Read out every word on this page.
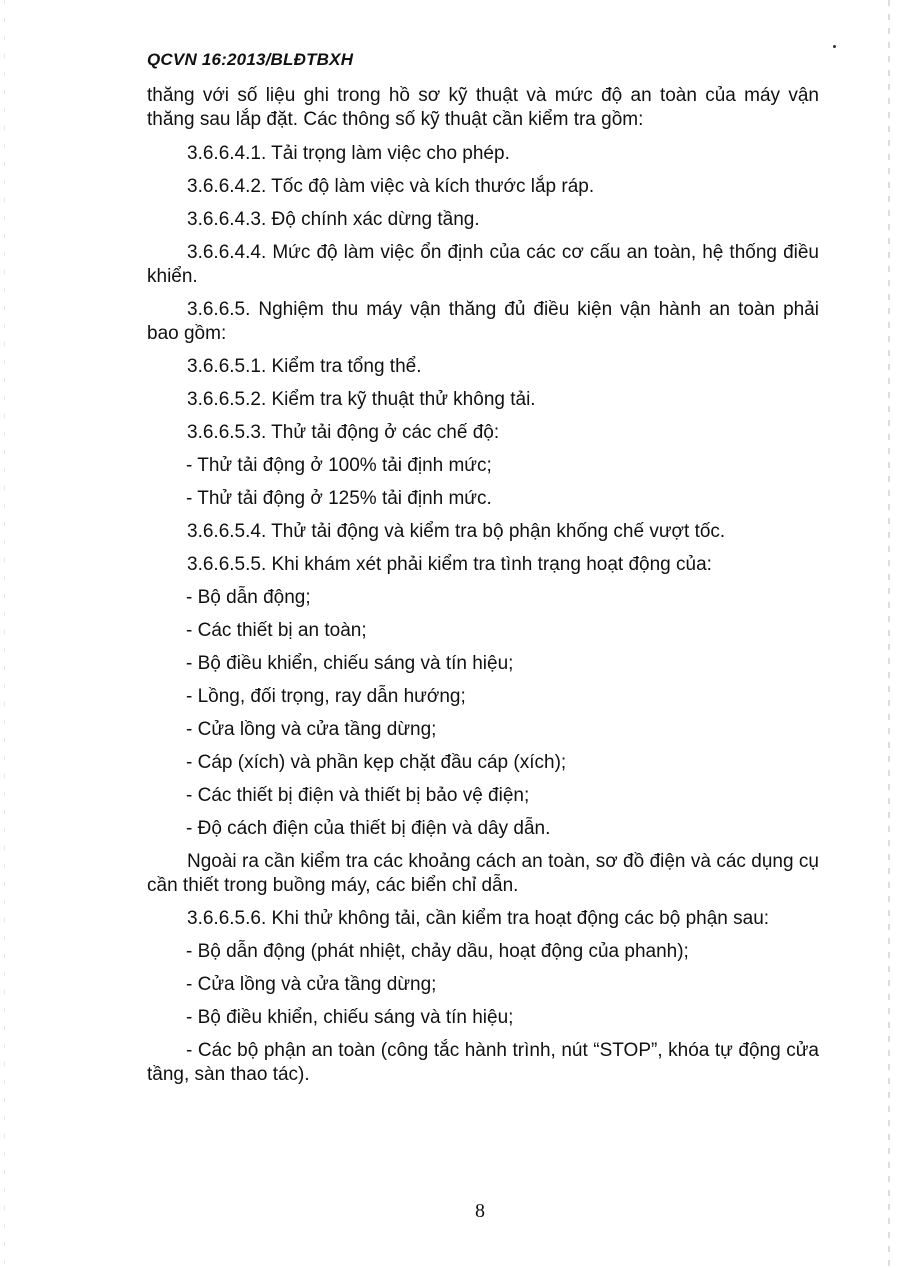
QCVN 16:2013/BLĐTBXH

thăng với số liệu ghi trong hồ sơ kỹ thuật và mức độ an toàn của máy vận thăng sau lắp đặt. Các thông số kỹ thuật cần kiểm tra gồm:

3.6.6.4.1. Tải trọng làm việc cho phép.

3.6.6.4.2. Tốc độ làm việc và kích thước lắp ráp.

3.6.6.4.3. Độ chính xác dừng tầng.

3.6.6.4.4. Mức độ làm việc ổn định của các cơ cấu an toàn, hệ thống điều khiển.

3.6.6.5. Nghiệm thu máy vận thăng đủ điều kiện vận hành an toàn phải bao gồm:

3.6.6.5.1. Kiểm tra tổng thể.

3.6.6.5.2. Kiểm tra kỹ thuật thử không tải.

3.6.6.5.3. Thử tải động ở các chế độ:

- Thử tải động ở 100% tải định mức;

- Thử tải động ở 125% tải định mức.

3.6.6.5.4. Thử tải động và kiểm tra bộ phận khống chế vượt tốc.

3.6.6.5.5. Khi khám xét phải kiểm tra tình trạng hoạt động của:

- Bộ dẫn động;

- Các thiết bị an toàn;

- Bộ điều khiển, chiếu sáng và tín hiệu;

- Lồng, đối trọng, ray dẫn hướng;

- Cửa lồng và cửa tầng dừng;

- Cáp (xích) và phần kẹp chặt đầu cáp (xích);

- Các thiết bị điện và thiết bị bảo vệ điện;

- Độ cách điện của thiết bị điện và dây dẫn.

Ngoài ra cần kiểm tra các khoảng cách an toàn, sơ đồ điện và các dụng cụ cần thiết trong buồng máy, các biển chỉ dẫn.

3.6.6.5.6. Khi thử không tải, cần kiểm tra hoạt động các bộ phận sau:

- Bộ dẫn động (phát nhiệt, chảy dầu, hoạt động của phanh);

- Cửa lồng và cửa tầng dừng;

- Bộ điều khiển, chiếu sáng và tín hiệu;

- Các bộ phận an toàn (công tắc hành trình, nút “STOP”, khóa tự động cửa tầng, sàn thao tác).

8
